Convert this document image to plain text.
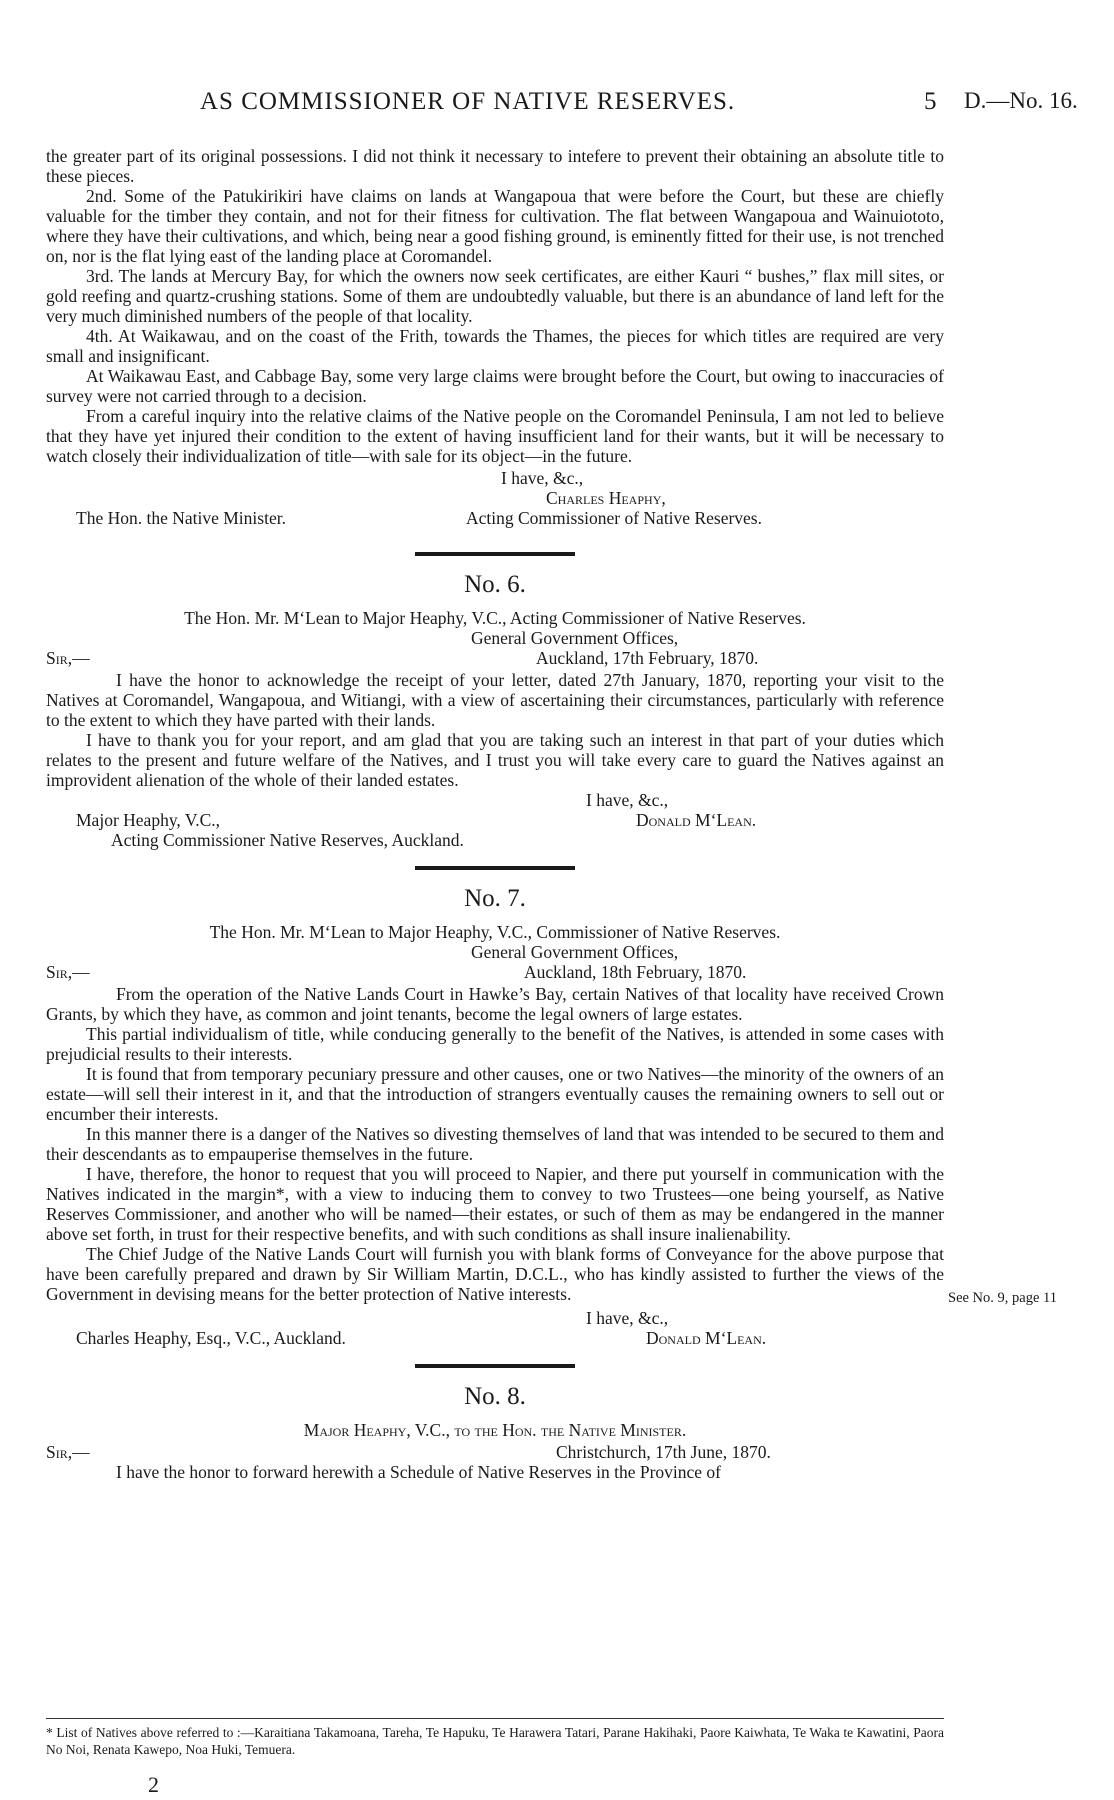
AS COMMISSIONER OF NATIVE RESERVES.	5 D.—No. 16.

the greater part of its original possessions. I did not think it necessary to intefere to prevent their obtaining an absolute title to these pieces.

2nd. Some of the Patukirikiri have claims on lands at Wangapoua that were before the Court, but these are chiefly valuable for the timber they contain, and not for their fitness for cultivation. The flat between Wangapoua and Wainuiototo, where they have their cultivations, and which, being near a good fishing ground, is eminently fitted for their use, is not trenched on, nor is the flat lying east of the landing place at Coromandel.

3rd. The lands at Mercury Bay, for which the owners now seek certificates, are either Kauri “ bushes,” flax mill sites, or gold reefing and quartz-crushing stations. Some of them are undoubtedly valuable, but there is an abundance of land left for the very much diminished numbers of the people of that locality.

4th. At Waikawau, and on the coast of the Frith, towards the Thames, the pieces for which titles are required are very small and insignificant.

At Waikawau East, and Cabbage Bay, some very large claims were brought before the Court, but owing to inaccuracies of survey were not carried through to a decision.

From a careful inquiry into the relative claims of the Native people on the Coromandel Peninsula, I am not led to believe that they have yet injured their condition to the extent of having insufficient land for their wants, but it will be necessary to watch closely their individualization of title—with sale for its object—in the future.

I have, &c.,
Charles Heaphy,
The Hon. the Native Minister.	Acting Commissioner of Native Reserves.
No. 6.
The Hon. Mr. M‘Lean to Major Heaphy, V.C., Acting Commissioner of Native Reserves.
General Government Offices,
Sir,—	Auckland, 17th February, 1870.

I have the honor to acknowledge the receipt of your letter, dated 27th January, 1870, reporting your visit to the Natives at Coromandel, Wangapoua, and Witiangi, with a view of ascertaining their circumstances, particularly with reference to the extent to which they have parted with their lands.

I have to thank you for your report, and am glad that you are taking such an interest in that part of your duties which relates to the present and future welfare of the Natives, and I trust you will take every care to guard the Natives against an improvident alienation of the whole of their landed estates.

I have, &c.,
Major Heaphy, V.C.,	Donald M‘Lean.
Acting Commissioner Native Reserves, Auckland.
No. 7.
The Hon. Mr. M‘Lean to Major Heaphy, V.C., Commissioner of Native Reserves.
General Government Offices,
Sir,—	Auckland, 18th February, 1870.

From the operation of the Native Lands Court in Hawke’s Bay, certain Natives of that locality have received Crown Grants, by which they have, as common and joint tenants, become the legal owners of large estates.

This partial individualism of title, while conducing generally to the benefit of the Natives, is attended in some cases with prejudicial results to their interests.

It is found that from temporary pecuniary pressure and other causes, one or two Natives—the minority of the owners of an estate—will sell their interest in it, and that the introduction of strangers eventually causes the remaining owners to sell out or encumber their interests.

In this manner there is a danger of the Natives so divesting themselves of land that was intended to be secured to them and their descendants as to empauperise themselves in the future.

I have, therefore, the honor to request that you will proceed to Napier, and there put yourself in communication with the Natives indicated in the margin*, with a view to inducing them to convey to two Trustees—one being yourself, as Native Reserves Commissioner, and another who will be named—their estates, or such of them as may be endangered in the manner above set forth, in trust for their respective benefits, and with such conditions as shall insure inalienability.

The Chief Judge of the Native Lands Court will furnish you with blank forms of Conveyance for the above purpose that have been carefully prepared and drawn by Sir William Martin, D.C.L., who has kindly assisted to further the views of the Government in devising means for the better protection of Native interests.

I have, &c.,
Charles Heaphy, Esq., V.C., Auckland.	Donald M‘Lean.
No. 8.
Major Heaphy, V.C., to the Hon. the Native Minister.
Sir,—	Christchurch, 17th June, 1870.

I have the honor to forward herewith a Schedule of Native Reserves in the Province of

See No. 9, page 11
* List of Natives above referred to :—Karaitiana Takamoana, Tareha, Te Hapuku, Te Harawera Tatari, Parane Hakihaki, Paore Kaiwhata, Te Waka te Kawatini, Paora No Noi, Renata Kawepo, Noa Huki, Temuera.
2
